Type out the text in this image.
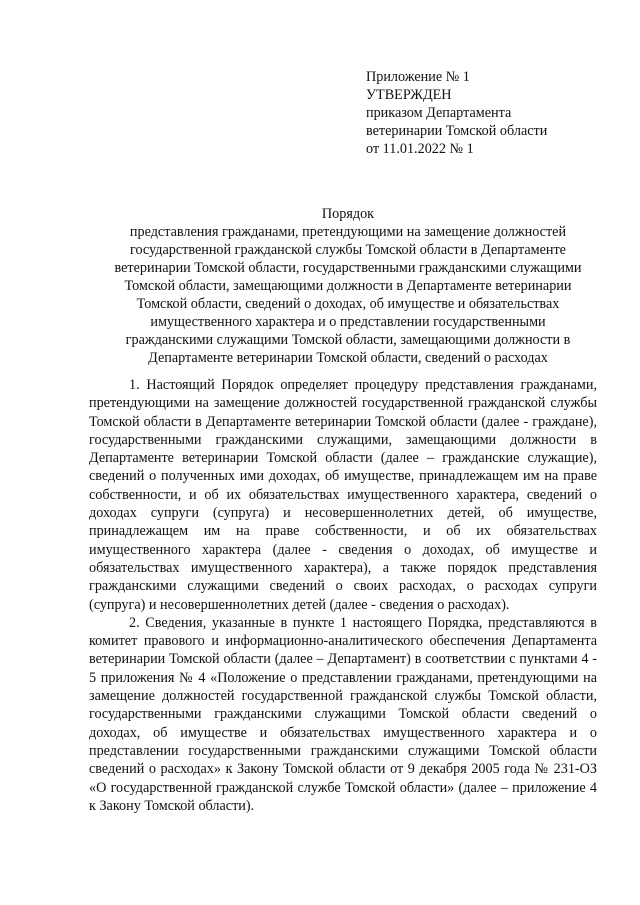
Приложение № 1

УТВЕРЖДЕН

приказом Департамента

ветеринарии Томской области

от 11.01.2022 № 1

Порядок

представления гражданами, претендующими на замещение должностей государственной гражданской службы Томской области в Департаменте ветеринарии Томской области, государственными гражданскими служащими Томской области, замещающими должности в Департаменте ветеринарии Томской области, сведений о доходах, об имуществе и обязательствах имущественного характера и о представлении государственными гражданскими служащими Томской области, замещающими должности в Департаменте ветеринарии Томской области, сведений о расходах

1. Настоящий Порядок определяет процедуру представления гражданами, претендующими на замещение должностей государственной гражданской службы Томской области в Департаменте ветеринарии Томской области (далее - граждане), государственными гражданскими служащими, замещающими должности в Департаменте ветеринарии Томской области (далее – гражданские служащие), сведений о полученных ими доходах, об имуществе, принадлежащем им на праве собственности, и об их обязательствах имущественного характера, сведений о доходах супруги (супруга) и несовершеннолетних детей, об имуществе, принадлежащем им на праве собственности, и об их обязательствах имущественного характера (далее - сведения о доходах, об имуществе и обязательствах имущественного характера), а также порядок представления гражданскими служащими сведений о своих расходах, о расходах супруги (супруга) и несовершеннолетних детей (далее - сведения о расходах).

2. Сведения, указанные в пункте 1 настоящего Порядка, представляются в комитет правового и информационно-аналитического обеспечения Департамента ветеринарии Томской области (далее – Департамент) в соответствии с пунктами 4 - 5 приложения № 4 «Положение о представлении гражданами, претендующими на замещение должностей государственной гражданской службы Томской области, государственными гражданскими служащими Томской области сведений о доходах, об имуществе и обязательствах имущественного характера и о представлении государственными гражданскими служащими Томской области сведений о расходах» к Закону Томской области от 9 декабря 2005 года № 231-ОЗ «О государственной гражданской службе Томской области» (далее – приложение 4 к Закону Томской области).
